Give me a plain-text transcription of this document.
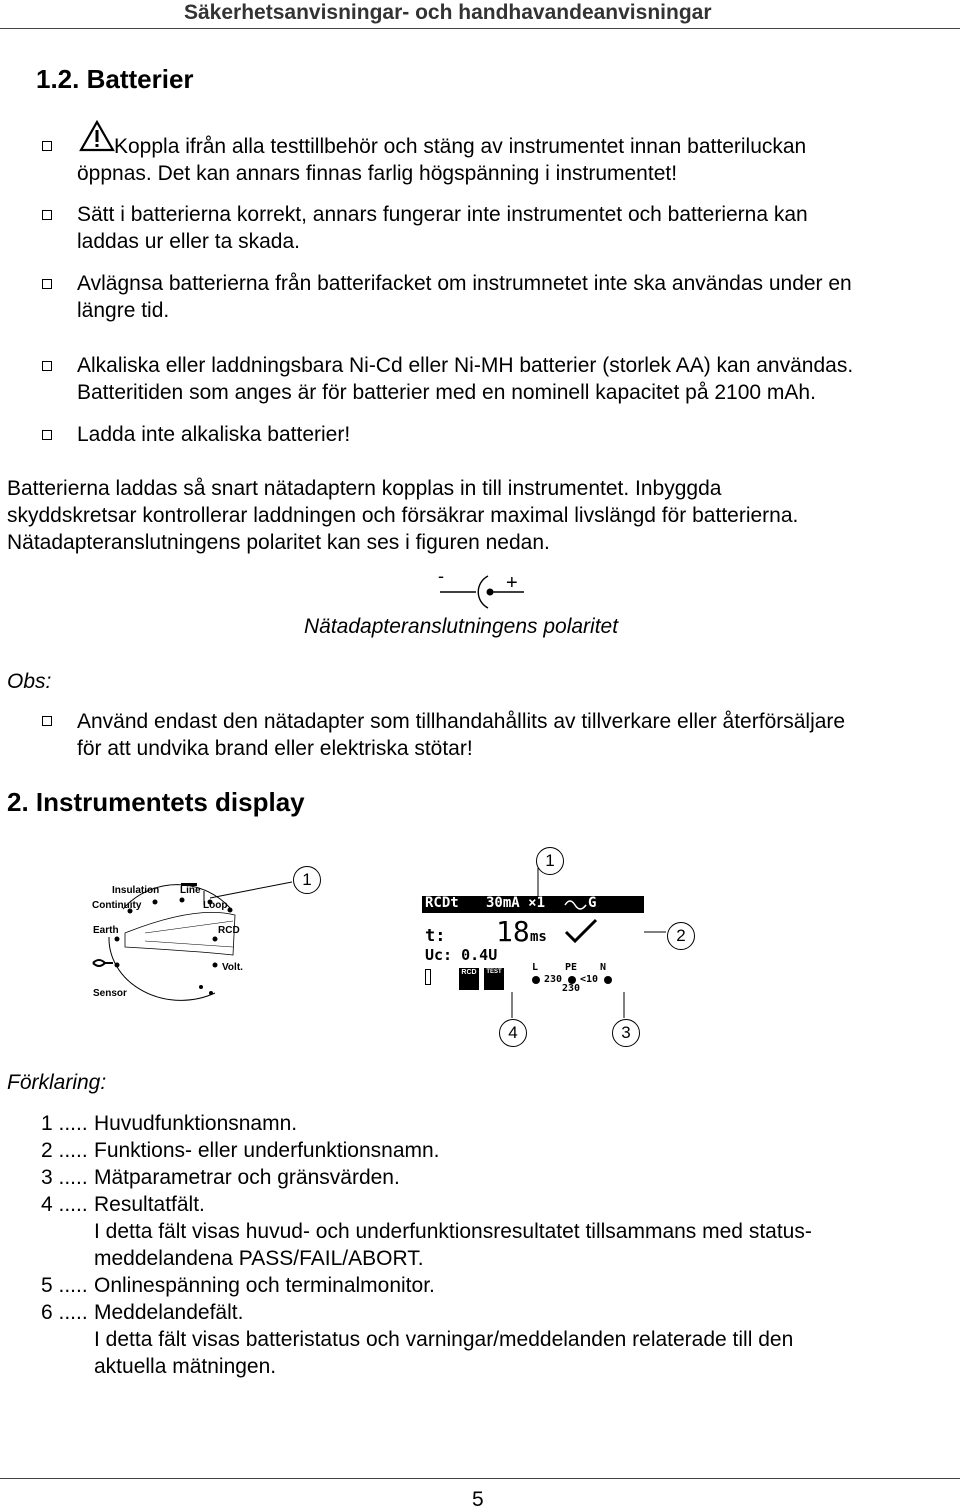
Säkerhetsanvisningar- och handhavandeanvisningar
1.2. Batterier
Koppla ifrån alla testtillbehör och stäng av instrumentet innan batteriluckan
öppnas. Det kan annars finnas farlig högspänning i instrumentet!
Sätt i batterierna korrekt, annars fungerar inte instrumentet och batterierna kan
laddas ur eller ta skada.
Avlägnsa batterierna från batterifacket om instrumnetet inte ska användas under en
längre tid.
Alkaliska eller laddningsbara Ni-Cd eller Ni-MH batterier (storlek AA) kan användas.
Batteritiden som anges är för batterier med en nominell kapacitet på 2100 mAh.
Ladda inte alkaliska batterier!
Batterierna laddas så snart nätadaptern kopplas in till instrumentet. Inbyggda
skyddskretsar kontrollerar laddningen och försäkrar maximal livslängd för batterierna.
Nätadapteranslutningens polaritet kan ses i figuren nedan.
-	+
Nätadapteranslutningens polaritet
Obs:
Använd endast den nätadapter som tillhandahållits av tillverkare eller återförsäljare
för att undvika brand eller elektriska stötar!
2. Instrumentets display
Insulation Line
Continuity	Loop
Earth	RCD
Volt.
Sensor
1
1
2
4	3
RCDt 30mA ×1	G
t: 18 ms
Uc: 0.4U
RCD	TEST	L	PE N
230 <10
230
Förklaring:
1 ..... Huvudfunktionsnamn.
2 ..... Funktions- eller underfunktionsnamn.
3 ..... Mätparametrar och gränsvärden.
4 ..... Resultatfält.
I detta fält visas huvud- och underfunktionsresultatet tillsammans med status-
meddelandena PASS/FAIL/ABORT.
5 ..... Onlinespänning och terminalmonitor.
6 ..... Meddelandefält.
I detta fält visas batteristatus och varningar/meddelanden relaterade till den
aktuella mätningen.
5
